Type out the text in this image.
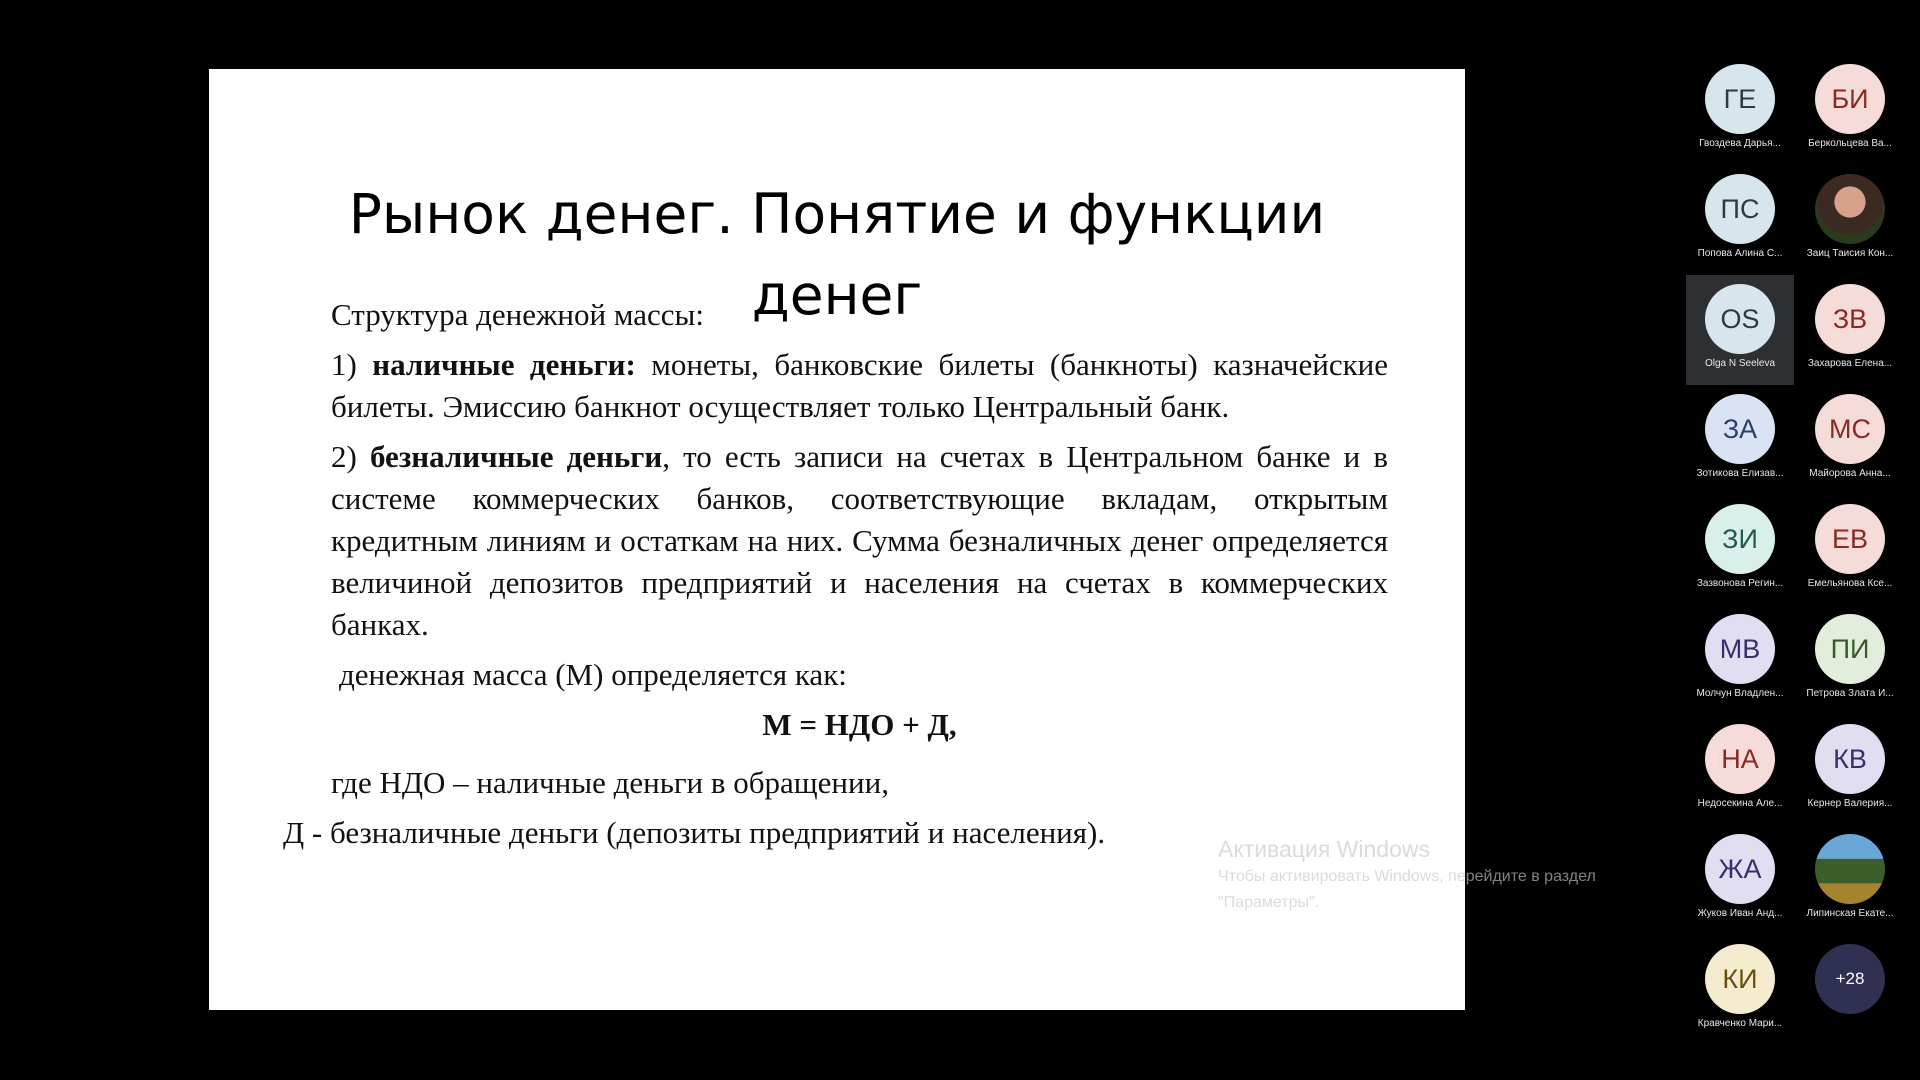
Рынок денег. Понятие и функции
денег

Структура денежной массы:

1) наличные деньги: монеты, банковские билеты (банкноты) казначейские билеты. Эмиссию банкнот осуществляет только Центральный банк.

2) безналичные деньги, то есть записи на счетах в Центральном банке и в системе коммерческих банков, соответствующие вкладам, открытым кредитным линиям и остаткам на них. Сумма безналичных денег определяется величиной депозитов предприятий и населения на счетах в коммерческих банках.

денежная масса (М) определяется как:

М = НДО + Д,

где НДО – наличные деньги в обращении,

Д - безналичные деньги (депозиты предприятий и населения).	Активация Windows
Чтобы активировать Windows, перейдите в раздел "Параметры".
ГЕ
Гвоздева Дарья...
БИ
Беркольцева Ва...
ПС
Попова Алина С...	Заиц Таисия Кон...
OS
Olga N Seeleva
ЗВ
Захарова Елена...
ЗА
Зотикова Елизав...
МС
Майорова Анна...
ЗИ
Зазвонова Регин...
ЕВ
Емельянова Ксе...
МВ
Молчун Владлен...
ПИ
Петрова Злата И...
НА
Недосекина Але...
КВ
Кернер Валерия...
ЖА
Жуков Иван Анд...	Липинская Екате...
КИ
Кравченко Мари...
+28
